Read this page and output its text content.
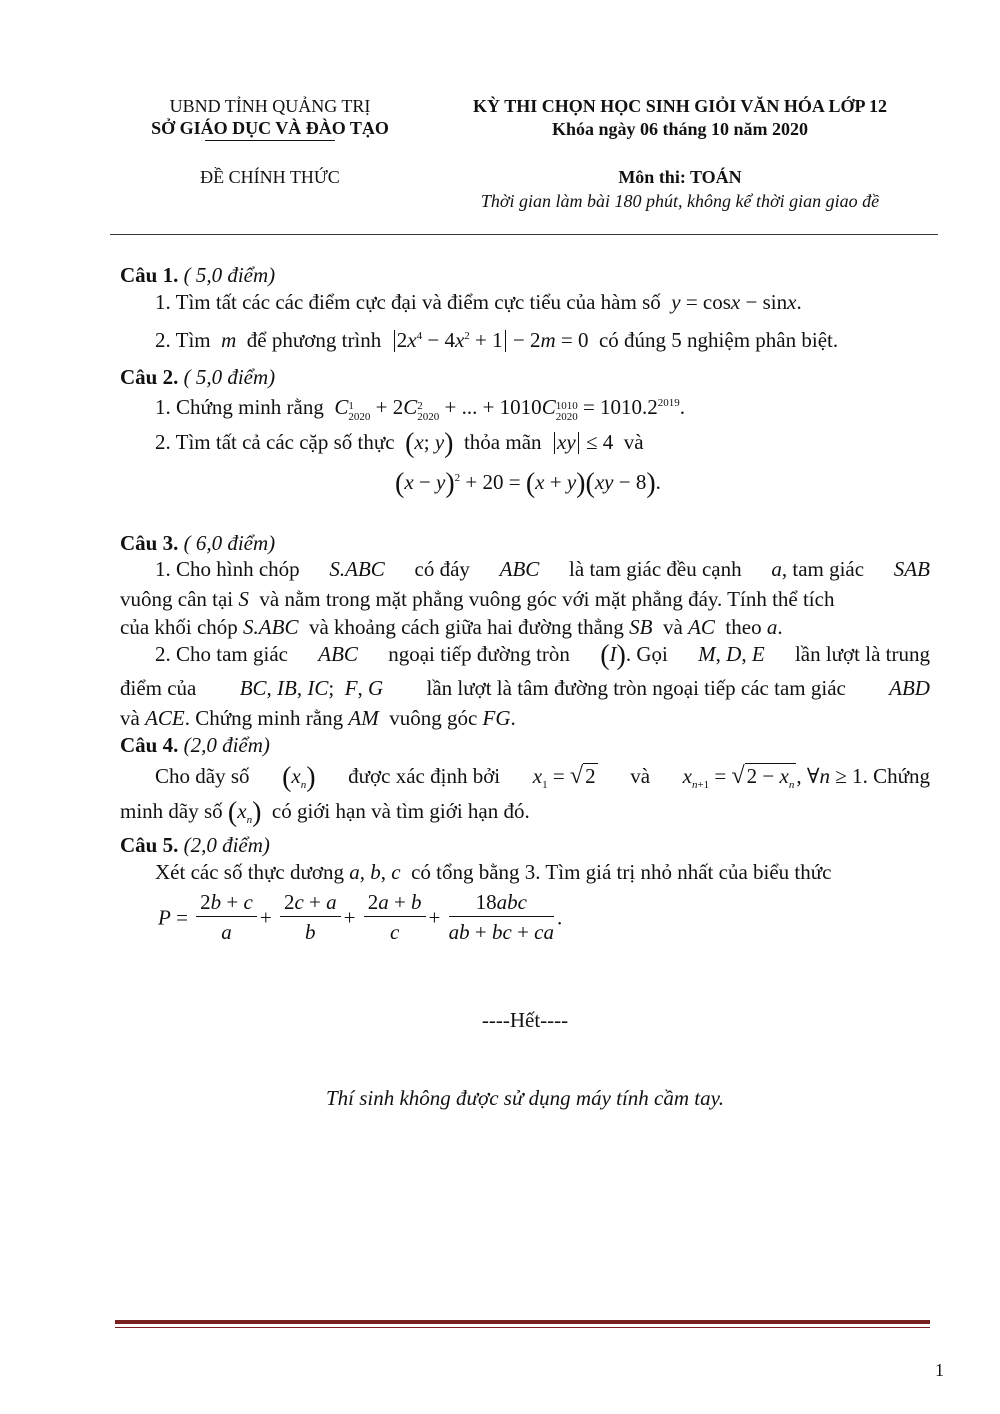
UBND TỈNH QUẢNG TRỊ
SỞ GIÁO DỤC VÀ ĐÀO TẠO
ĐỀ CHÍNH THỨC
KỲ THI CHỌN HỌC SINH GIỎI VĂN HÓA LỚP 12
Khóa ngày 06 tháng 10 năm 2020
Môn thi: TOÁN
Thời gian làm bài 180 phút, không kể thời gian giao đề
Câu 1. ( 5,0 điểm)
1. Tìm tất các các điểm cực đại và điểm cực tiểu của hàm số y = cosx − sinx.
2. Tìm  m  để phương trình $2x^4 - 4x^2 + 1 - 2m = 0$  có đúng 5 nghiệm phân biệt.
Câu 2. ( 5,0 điểm)
1. Chứng minh rằng C 1
2020 + 2C 2
2020 + ... + 1010C 1010
$2020 = 1010.2^{2019}$.
2. Tìm tất cả các cặp số thực (x; y) thỏa mãn xy ≤ 4  và
$(x - y)^2 + 20 = (x + y)(xy - 8)$.
Câu 3. ( 6,0 điểm)
1. Cho hình chóp S.ABC có đáy ABC là tam giác đều cạnh a, tam giác SAB
vuông cân tại S và nằm trong mặt phẳng vuông góc với mặt phẳng đáy. Tính thể tích
của khối chóp S.ABC và khoảng cách giữa hai đường thẳng SB và AC theo a.
2. Cho tam giác ABC ngoại tiếp đường tròn (I). Gọi M, D, E lần lượt là trung
điểm của BC, IB, IC;  F, G lần lượt là tâm đường tròn ngoại tiếp các tam giác ABD
và ACE. Chứng minh rằng AM vuông góc FG.
Câu 4. (2,0 điểm)
Cho dãy số $(x_n)$ được xác định bởi $x_1 = √2$ và $x_{n+1} = √2 - x_n$, ∀n ≥ 1. Chứng
minh dãy số $(x_n)$ có giới hạn và tìm giới hạn đó.
Câu 5. (2,0 điểm)
Xét các số thực dương a, b, c có tổng bằng 3. Tìm giá trị nhỏ nhất của biểu thức
$P = \frac{2b + c}{a} + \frac{2c + a}{b} + \frac{2a + b}{c} + \frac{\text{18abc}}{ab + bc + ca}$ .
----Hết----
Thí sinh không được sử dụng máy tính cầm tay.
1
